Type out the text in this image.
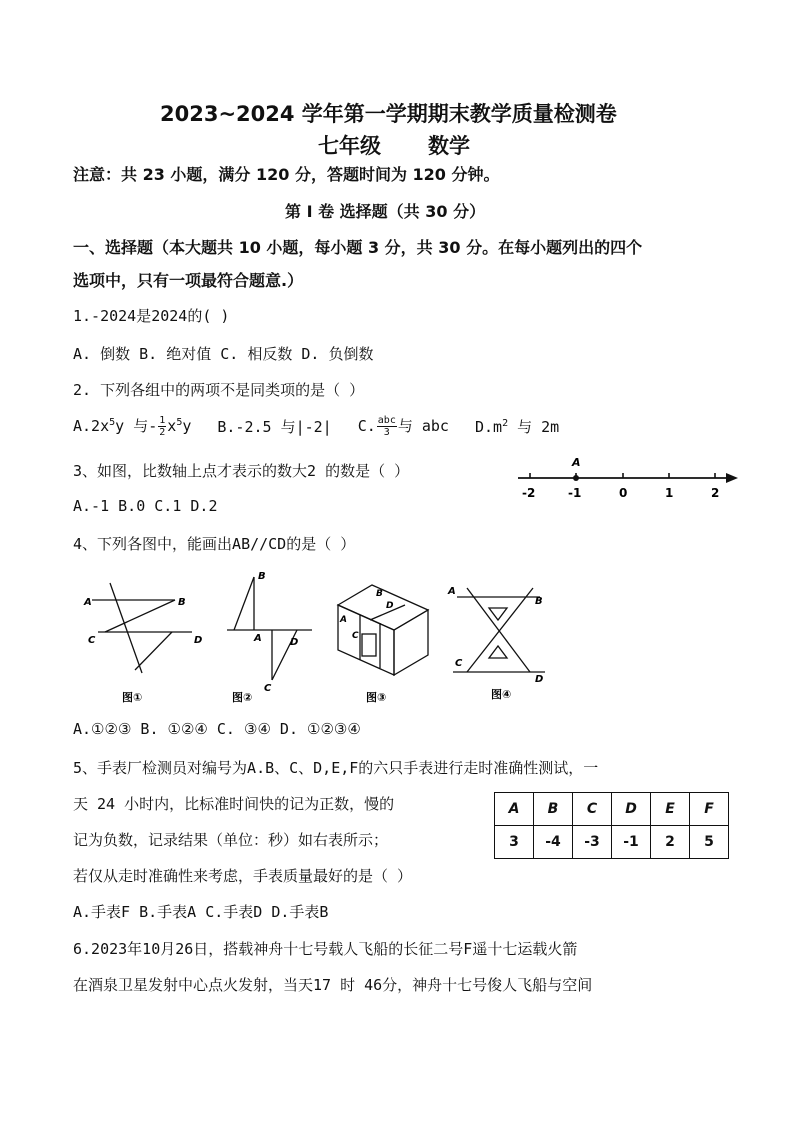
2023~2024 学年第一学期期末教学质量检测卷
七年级 数学
注意：共 23 小题，满分 120 分，答题时间为 120 分钟。
第 I 卷 选择题（共 30 分）
一、选择题（本大题共 10 小题，每小题 3 分，共 30 分。在每小题列出的四个
选项中，只有一项最符合题意.）
1.-2024是2024的( )
A. 倒数 B. 绝对值 C. 相反数 D. 负倒数
2. 下列各组中的两项不是同类项的是（ ）
$A.2x^5y$ 与- $\frac{1}{2} x^5y$ B.-2.5 与|-2| C. $\frac{\text{abc}}{3}$ 与 abc $D.m^2$ 与 2m
3、如图，比数轴上点才表示的数大2 的数是（ ）
A.-1 B.0 C.1 D.2
A
-2	-1	0	1	2
4、下列各图中，能画出AB//CD的是（ ）
A	B
C	D
图①
B
A
C
D
图②
B
D
A
C
图③
A
B
C
D
图④
A.①②③ B. ①②④ C. ③④ D. ①②③④
5、手表厂检测员对编号为A.B、C、D,E,F的六只手表进行走时准确性测试，一
天 24 小时内，比标准时间快的记为正数，慢的
记为负数，记录结果（单位：秒）如右表所示；
若仅从走时准确性来考虑，手表质量最好的是（ ）
A.手表F B.手表A C.手表D D.手表B
A	B	C	D	E	F
3	-4	-3	-1	2	5
6.2023年10月26日，搭载神舟十七号载人飞船的长征二号F遥十七运载火箭
在酒泉卫星发射中心点火发射，当天17 时 46分，神舟十七号俊人飞船与空间
